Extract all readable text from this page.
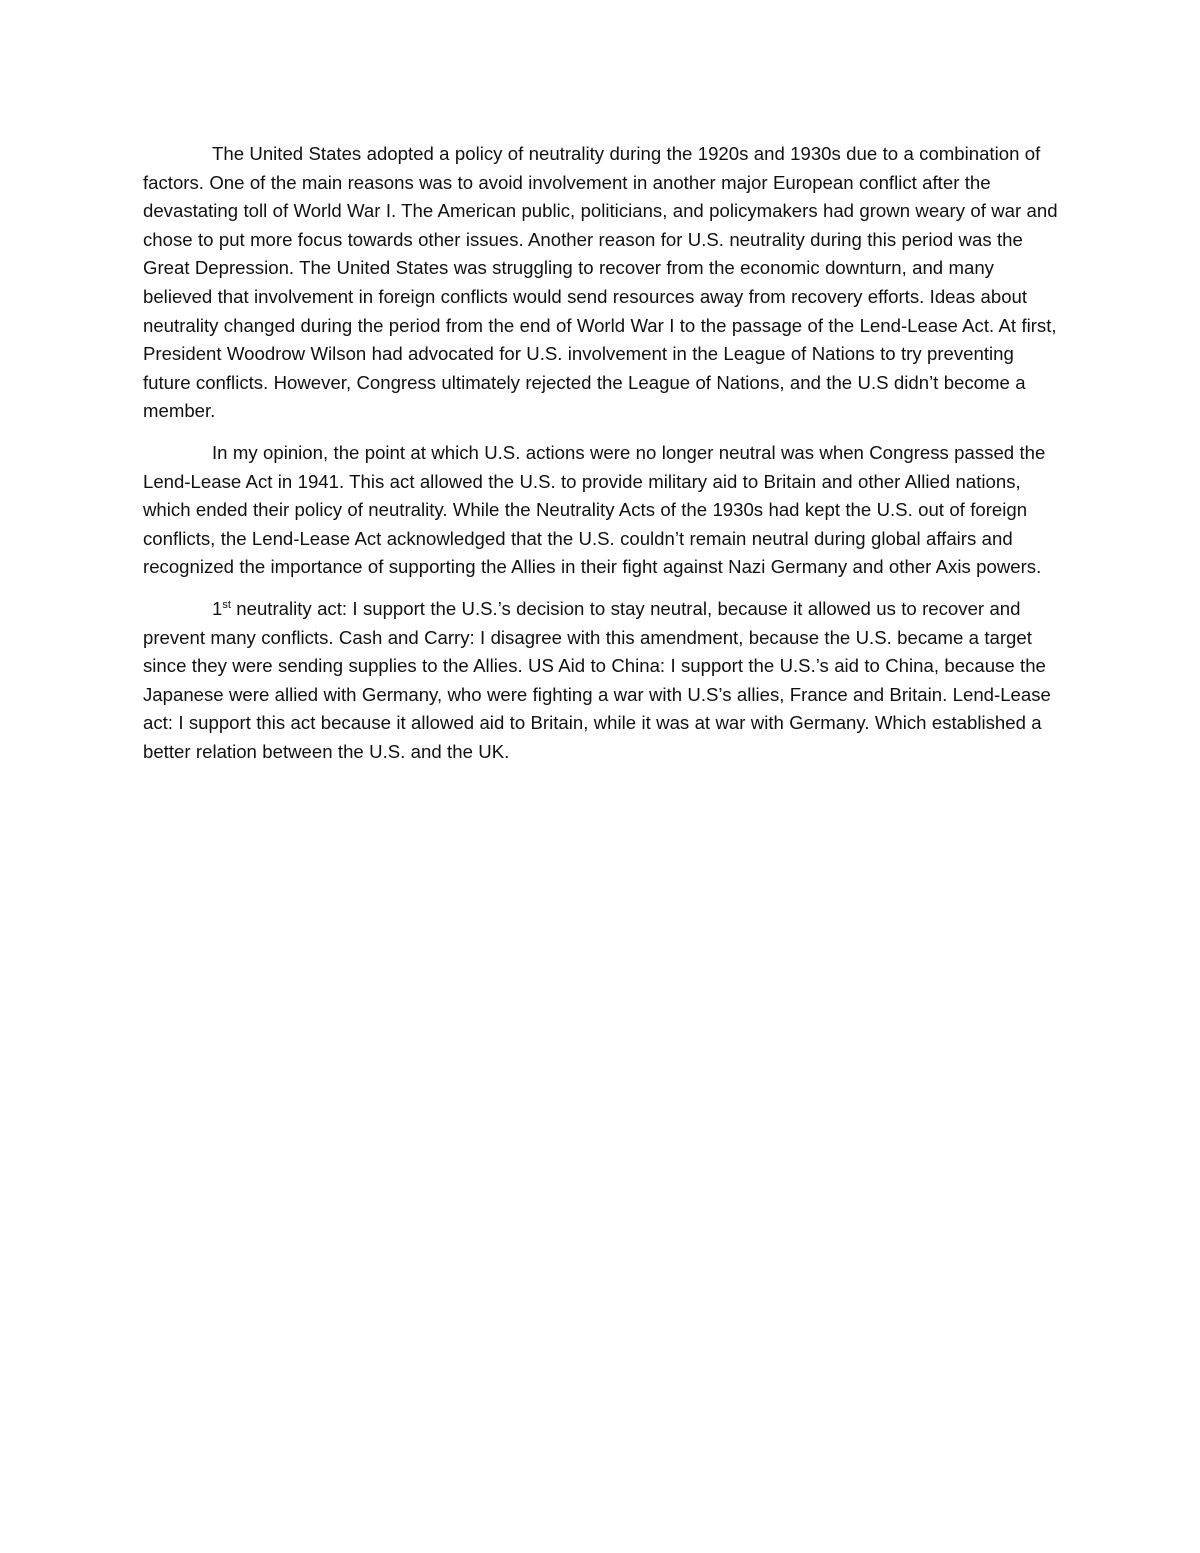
The United States adopted a policy of neutrality during the 1920s and 1930s due to a combination of factors. One of the main reasons was to avoid involvement in another major European conflict after the devastating toll of World War I. The American public, politicians, and policymakers had grown weary of war and chose to put more focus towards other issues. Another reason for U.S. neutrality during this period was the Great Depression. The United States was struggling to recover from the economic downturn, and many believed that involvement in foreign conflicts would send resources away from recovery efforts. Ideas about neutrality changed during the period from the end of World War I to the passage of the Lend-Lease Act. At first, President Woodrow Wilson had advocated for U.S. involvement in the League of Nations to try preventing future conflicts. However, Congress ultimately rejected the League of Nations, and the U.S didn’t become a member.

In my opinion, the point at which U.S. actions were no longer neutral was when Congress passed the Lend-Lease Act in 1941. This act allowed the U.S. to provide military aid to Britain and other Allied nations, which ended their policy of neutrality. While the Neutrality Acts of the 1930s had kept the U.S. out of foreign conflicts, the Lend-Lease Act acknowledged that the U.S. couldn’t remain neutral during global affairs and recognized the importance of supporting the Allies in their fight against Nazi Germany and other Axis powers.

1st neutrality act: I support the U.S.’s decision to stay neutral, because it allowed us to recover and prevent many conflicts. Cash and Carry: I disagree with this amendment, because the U.S. became a target since they were sending supplies to the Allies. US Aid to China: I support the U.S.’s aid to China, because the Japanese were allied with Germany, who were fighting a war with U.S’s allies, France and Britain. Lend-Lease act: I support this act because it allowed aid to Britain, while it was at war with Germany. Which established a better relation between the U.S. and the UK.
